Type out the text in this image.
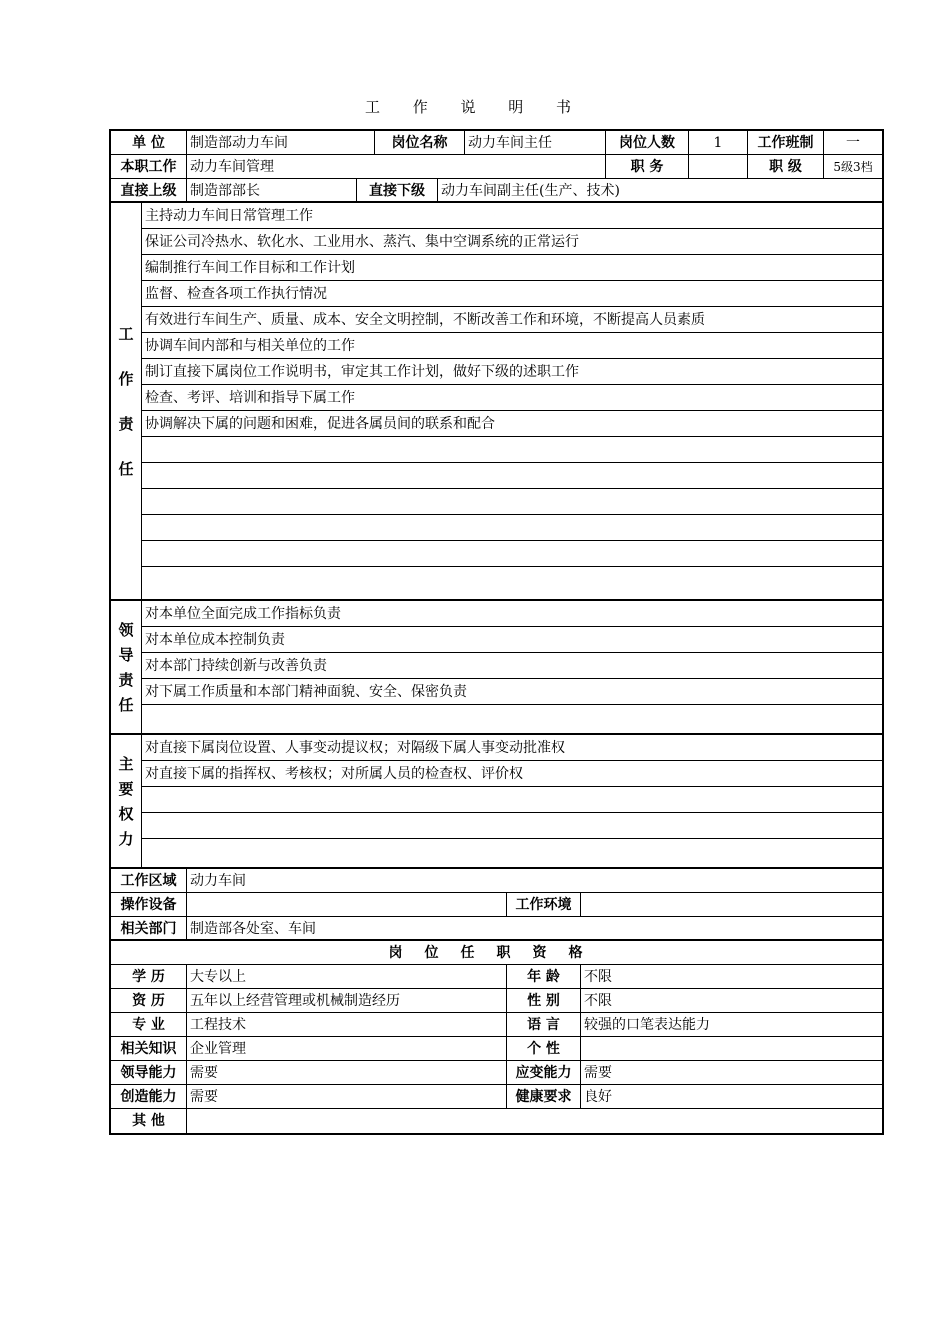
工 作 说 明 书
单 位	制造部动力车间	岗位名称	动力车间主任	岗位人数	1	工作班制	一
本职工作 动力车间管理	职 务	职 级	5级3档
直接上级 制造部部长	直接下级	动力车间副主任(生产、技术)
工
作
责
任
主持动力车间日常管理工作
保证公司冷热水、软化水、工业用水、蒸汽、集中空调系统的正常运行
编制推行车间工作目标和工作计划
监督、检查各项工作执行情况
有效进行车间生产、质量、成本、安全文明控制，不断改善工作和环境，不断提高人员素质
协调车间内部和与相关单位的工作
制订直接下属岗位工作说明书，审定其工作计划，做好下级的述职工作
检查、考评、培训和指导下属工作
协调解决下属的问题和困难，促进各属员间的联系和配合
领
导
责
任
对本单位全面完成工作指标负责
对本单位成本控制负责
对本部门持续创新与改善负责
对下属工作质量和本部门精神面貌、安全、保密负责
主
要
权
力
对直接下属岗位设置、人事变动提议权；对隔级下属人事变动批准权
对直接下属的指挥权、考核权；对所属人员的检查权、评价权
工作区域 动力车间
操作设备	工作环境
相关部门 制造部各处室、车间
岗位任职资格
学 历	大专以上	年 龄	不限
资 历	五年以上经营管理或机械制造经历	性 别	不限
专 业	工程技术	语 言	较强的口笔表达能力
相关知识 企业管理	个 性
领导能力 需要	应变能力 需要
创造能力 需要	健康要求 良好
其 他
